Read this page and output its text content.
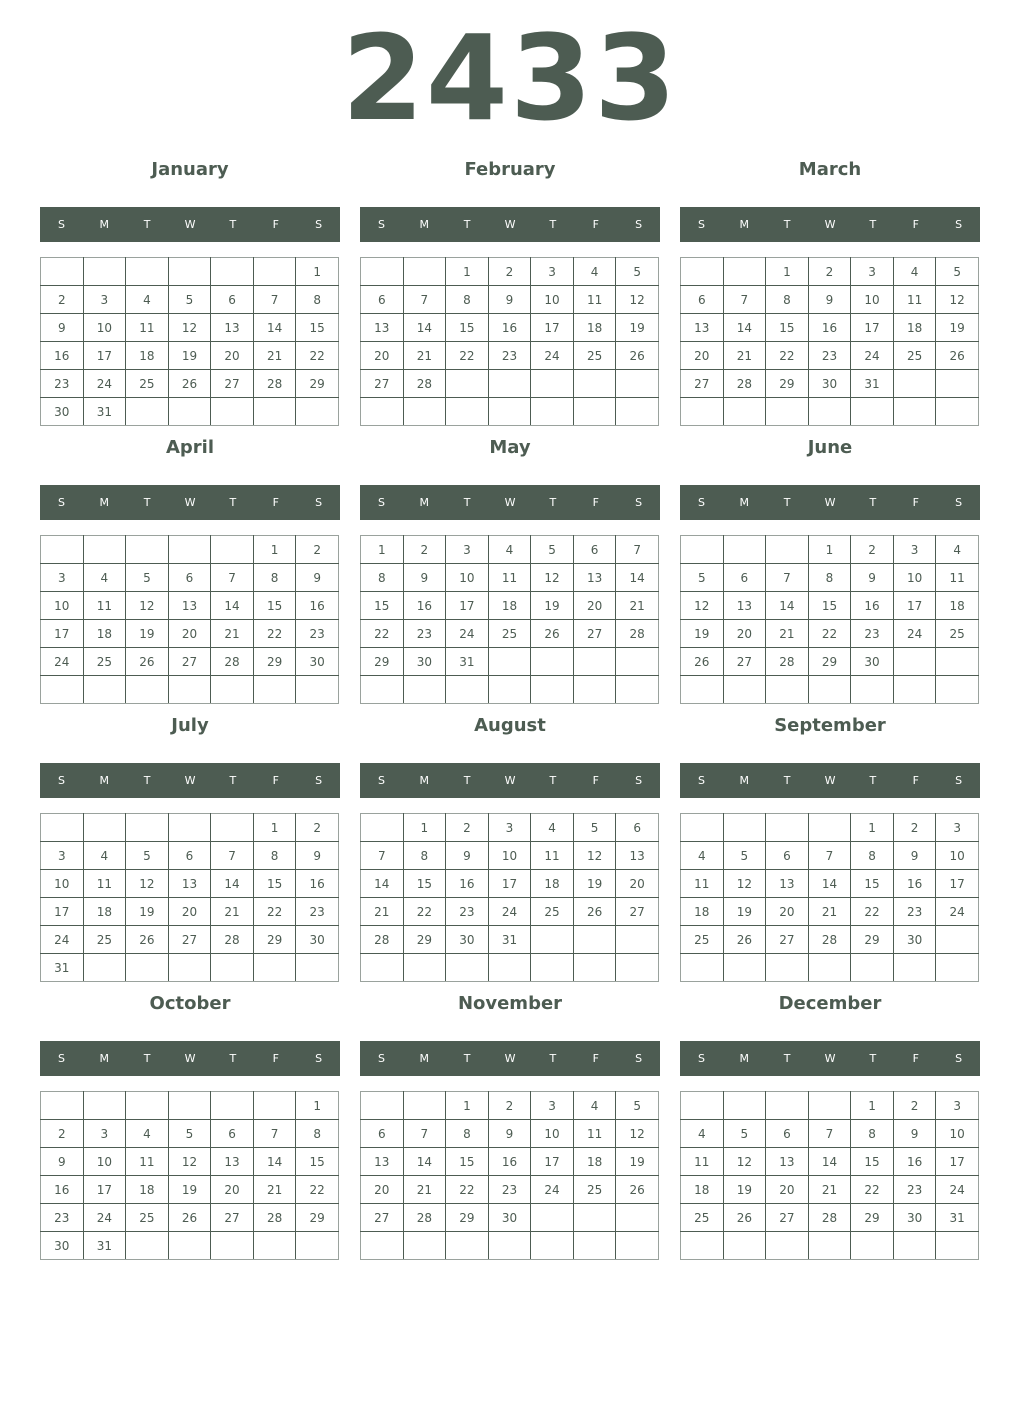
2433
January
S	M	T	W	T	F	S
						1
2	3	4	5	6	7	8
9	10	11	12	13	14	15
16	17	18	19	20	21	22
23	24	25	26	27	28	29
30	31					
February
S	M	T	W	T	F	S
		1	2	3	4	5
6	7	8	9	10	11	12
13	14	15	16	17	18	19
20	21	22	23	24	25	26
27	28					

March
S	M	T	W	T	F	S
		1	2	3	4	5
6	7	8	9	10	11	12
13	14	15	16	17	18	19
20	21	22	23	24	25	26
27	28	29	30	31		

April
S	M	T	W	T	F	S
					1	2
3	4	5	6	7	8	9
10	11	12	13	14	15	16
17	18	19	20	21	22	23
24	25	26	27	28	29	30

May
S	M	T	W	T	F	S
1	2	3	4	5	6	7
8	9	10	11	12	13	14
15	16	17	18	19	20	21
22	23	24	25	26	27	28
29	30	31				

June
S	M	T	W	T	F	S
			1	2	3	4
5	6	7	8	9	10	11
12	13	14	15	16	17	18
19	20	21	22	23	24	25
26	27	28	29	30		

July
S	M	T	W	T	F	S
					1	2
3	4	5	6	7	8	9
10	11	12	13	14	15	16
17	18	19	20	21	22	23
24	25	26	27	28	29	30
31						
August
S	M	T	W	T	F	S
	1	2	3	4	5	6
7	8	9	10	11	12	13
14	15	16	17	18	19	20
21	22	23	24	25	26	27
28	29	30	31			

September
S	M	T	W	T	F	S
				1	2	3
4	5	6	7	8	9	10
11	12	13	14	15	16	17
18	19	20	21	22	23	24
25	26	27	28	29	30	

October
S	M	T	W	T	F	S
						1
2	3	4	5	6	7	8
9	10	11	12	13	14	15
16	17	18	19	20	21	22
23	24	25	26	27	28	29
30	31					
November
S	M	T	W	T	F	S
		1	2	3	4	5
6	7	8	9	10	11	12
13	14	15	16	17	18	19
20	21	22	23	24	25	26
27	28	29	30			

December
S	M	T	W	T	F	S
				1	2	3
4	5	6	7	8	9	10
11	12	13	14	15	16	17
18	19	20	21	22	23	24
25	26	27	28	29	30	31
